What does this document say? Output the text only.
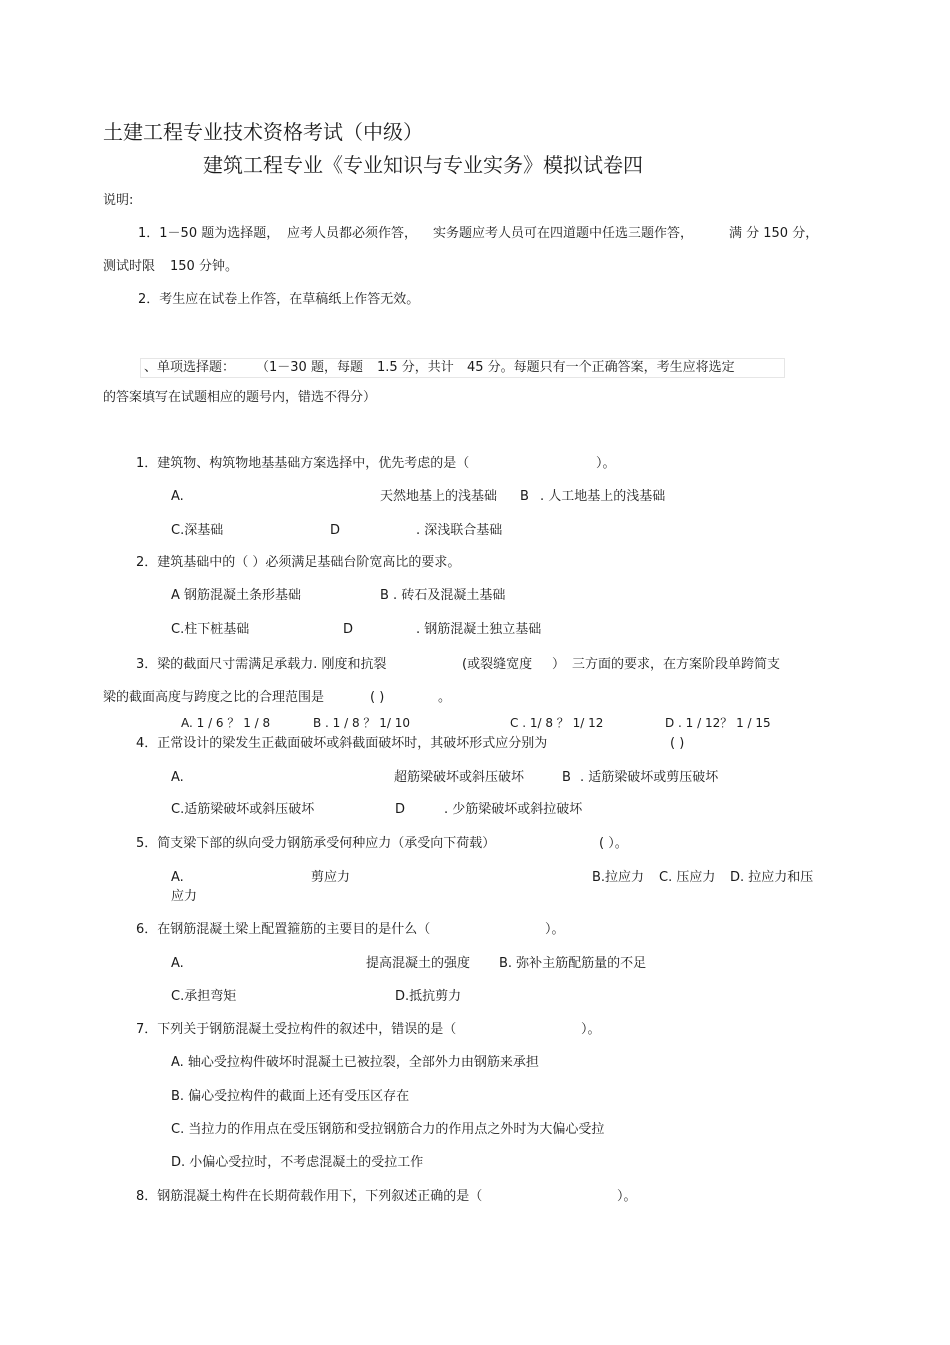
土建工程专业技术资格考试（中级）
建筑工程专业《专业知识与专业实务》模拟试卷四
说明:
1．1－50 题为选择题， 应考人员都必须作答， 实务题应考人员可在四道题中任选三题作答，	满 分 150 分，
测试时限 150 分钟。
2．考生应在试卷上作答，在草稿纸上作答无效。
、单项选择题： （1－30 题，每题 1.5 分，共计 45 分。每题只有一个正确答案，考生应将选定
的答案填写在试题相应的题号内，错选不得分）
1．建筑物、构筑物地基基础方案选择中，优先考虑的是（	）。
A.	天然地基上的浅基础 B . 人工地基上的浅基础
C.深基础	D	. 深浅联合基础
2．建筑基础中的（ ）必须满足基础台阶宽高比的要求。
A 钢筋混凝土条形基础	B . 砖石及混凝土基础
C.柱下桩基础	D	. 钢筋混凝土独立基础
3．梁的截面尺寸需满足承载力. 刚度和抗裂	(或裂缝宽度 ） 三方面的要求，在方案阶段单跨简支
梁的截面高度与跨度之比的合理范围是	( )	。
A. 1 / 6 ？ 1 / 8	B . 1 / 8 ？ 1/ 10	C . 1/ 8 ？ 1/ 12	D . 1 / 12？ 1 / 15
4．正常设计的梁发生正截面破坏或斜截面破坏时，其破坏形式应分别为	( )
A.	超筋梁破坏或斜压破坏	B . 适筋梁破坏或剪压破坏
C.适筋梁破坏或斜压破坏	D	. 少筋梁破坏或斜拉破坏
5．简支梁下部的纵向受力钢筋承受何种应力（承受向下荷载）	( ）。
A.	剪应力	B.拉应力 C. 压应力 D. 拉应力和压
应力
6．在钢筋混凝土梁上配置箍筋的主要目的是什么（	）。
A.	提高混凝土的强度 B. 弥补主筋配筋量的不足
C.承担弯矩	D.抵抗剪力
7．下列关于钢筋混凝土受拉构件的叙述中，错误的是（	）。
A. 轴心受拉构件破坏时混凝土已被拉裂，全部外力由钢筋来承担
B. 偏心受拉构件的截面上还有受压区存在
C. 当拉力的作用点在受压钢筋和受拉钢筋合力的作用点之外时为大偏心受拉
D. 小偏心受拉时，不考虑混凝土的受拉工作
8．钢筋混凝土构件在长期荷载作用下，下列叙述正确的是（	）。
